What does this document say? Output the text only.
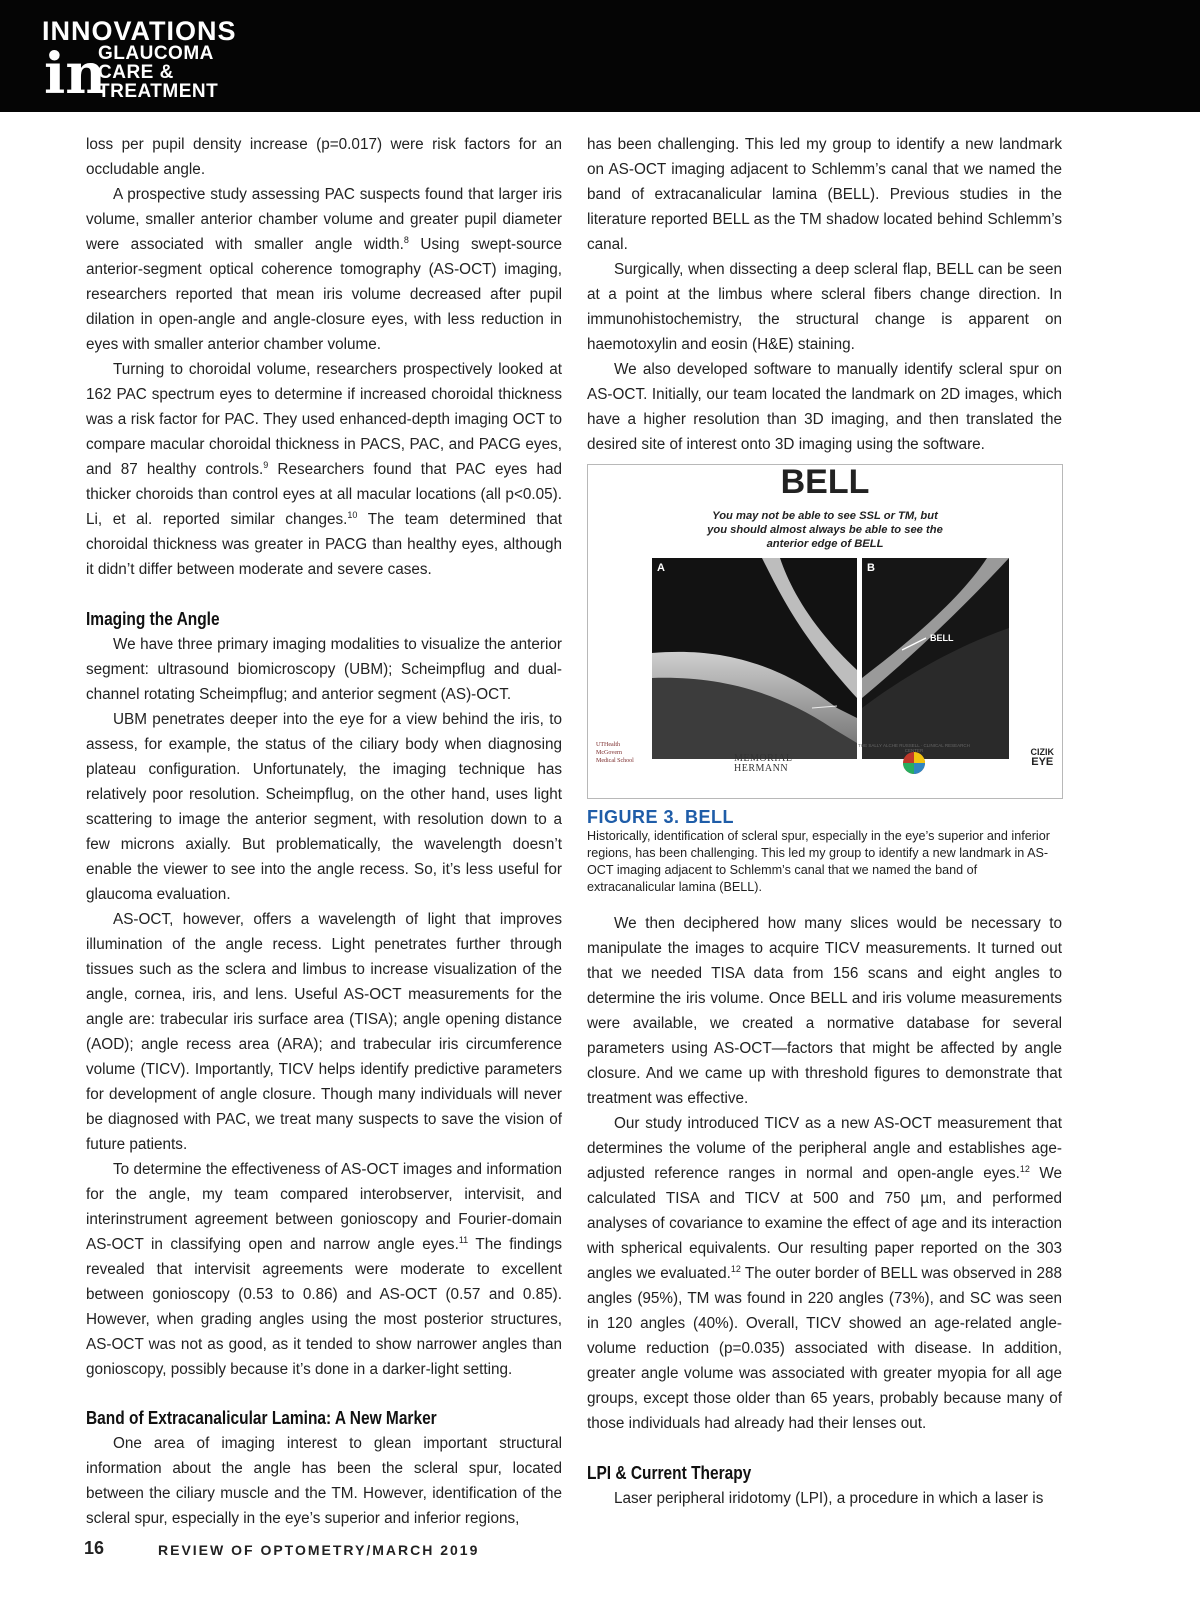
INNOVATIONS
in
GLAUCOMA
CARE &
TREATMENT

loss per pupil density increase (p=0.017) were risk factors for an occludable angle.

A prospective study assessing PAC suspects found that larger iris volume, smaller anterior chamber volume and greater pupil diameter were associated with smaller angle width.$^8$ Using swept-source anterior-segment optical coherence tomography (AS-OCT) imaging, researchers reported that mean iris volume decreased after pupil dilation in open-angle and angle-closure eyes, with less reduction in eyes with smaller anterior chamber volume.

Turning to choroidal volume, researchers prospectively looked at 162 PAC spectrum eyes to determine if increased choroidal thickness was a risk factor for PAC. They used enhanced-depth imaging OCT to compare macular choroidal thickness in PACS, PAC, and PACG eyes, and 87 healthy controls.$^9$ Researchers found that PAC eyes had thicker choroids than control eyes at all macular locations (all p<0.05). Li, et al. reported similar changes.$^{10}$ The team determined that choroidal thickness was greater in PACG than healthy eyes, although it didn’t differ between moderate and severe cases.

Imaging the Angle

We have three primary imaging modalities to visualize the anterior segment: ultrasound biomicroscopy (UBM); Scheimpflug and dual-channel rotating Scheimpflug; and anterior segment (AS)-OCT.

UBM penetrates deeper into the eye for a view behind the iris, to assess, for example, the status of the ciliary body when diagnosing plateau configuration. Unfortunately, the imaging technique has relatively poor resolution. Scheimpflug, on the other hand, uses light scattering to image the anterior segment, with resolution down to a few microns axially. But problematically, the wavelength doesn’t enable the viewer to see into the angle recess. So, it’s less useful for glaucoma evaluation.

AS-OCT, however, offers a wavelength of light that improves illumination of the angle recess. Light penetrates further through tissues such as the sclera and limbus to increase visualization of the angle, cornea, iris, and lens. Useful AS-OCT measurements for the angle are: trabecular iris surface area (TISA); angle opening distance (AOD); angle recess area (ARA); and trabecular iris circumference volume (TICV). Importantly, TICV helps identify predictive parameters for development of angle closure. Though many individuals will never be diagnosed with PAC, we treat many suspects to save the vision of future patients.

To determine the effectiveness of AS-OCT images and information for the angle, my team compared interobserver, intervisit, and interinstrument agreement between gonioscopy and Fourier-domain AS-OCT in classifying open and narrow angle eyes.$^{11}$ The findings revealed that intervisit agreements were moderate to excellent between gonioscopy (0.53 to 0.86) and AS-OCT (0.57 and 0.85). However, when grading angles using the most posterior structures, AS-OCT was not as good, as it tended to show narrower angles than gonioscopy, possibly because it’s done in a darker-light setting.

Band of Extracanalicular Lamina: A New Marker

One area of imaging interest to glean important structural information about the angle has been the scleral spur, located between the ciliary muscle and the TM. However, identification of the scleral spur, especially in the eye’s superior and inferior regions,

has been challenging. This led my group to identify a new landmark on AS-OCT imaging adjacent to Schlemm’s canal that we named the band of extracanalicular lamina (BELL). Previous studies in the literature reported BELL as the TM shadow located behind Schlemm’s canal.

Surgically, when dissecting a deep scleral flap, BELL can be seen at a point at the limbus where scleral fibers change direction. In immunohistochemistry, the structural change is apparent on haemotoxylin and eosin (H&E) staining.

We also developed software to manually identify scleral spur on AS-OCT. Initially, our team located the landmark on 2D images, which have a higher resolution than 3D imaging, and then translated the desired site of interest onto 3D imaging using the software.

BELL
You may not be able to see SSL or TM, but
you should almost always be able to see the
anterior edge of BELL
A	B
BELL
UTHealth
McGovern
Medical School	MEMORIAL
HERMANN
THE SALLY ALCHE RUSSELL · CLINICAL RESEARCH CENTER	CIZIK
EYE
FIGURE 3. BELL

Historically, identification of scleral spur, especially in the eye’s superior and inferior regions, has been challenging. This led my group to identify a new landmark in AS-OCT imaging adjacent to Schlemm’s canal that we named the band of extracanalicular lamina (BELL).

We then deciphered how many slices would be necessary to manipulate the images to acquire TICV measurements. It turned out that we needed TISA data from 156 scans and eight angles to determine the iris volume. Once BELL and iris volume measurements were available, we created a normative database for several parameters using AS-OCT—factors that might be affected by angle closure. And we came up with threshold figures to demonstrate that treatment was effective.

Our study introduced TICV as a new AS-OCT measurement that determines the volume of the peripheral angle and establishes age-adjusted reference ranges in normal and open-angle eyes.$^{12}$ We calculated TISA and TICV at 500 and 750 µm, and performed analyses of covariance to examine the effect of age and its interaction with spherical equivalents. Our resulting paper reported on the 303 angles we evaluated.$^{12}$ The outer border of BELL was observed in 288 angles (95%), TM was found in 220 angles (73%), and SC was seen in 120 angles (40%). Overall, TICV showed an age-related angle-volume reduction (p=0.035) associated with disease. In addition, greater angle volume was associated with greater myopia for all age groups, except those older than 65 years, probably because many of those individuals had already had their lenses out.

LPI & Current Therapy

Laser peripheral iridotomy (LPI), a procedure in which a laser is

16	REVIEW OF OPTOMETRY/MARCH 2019
